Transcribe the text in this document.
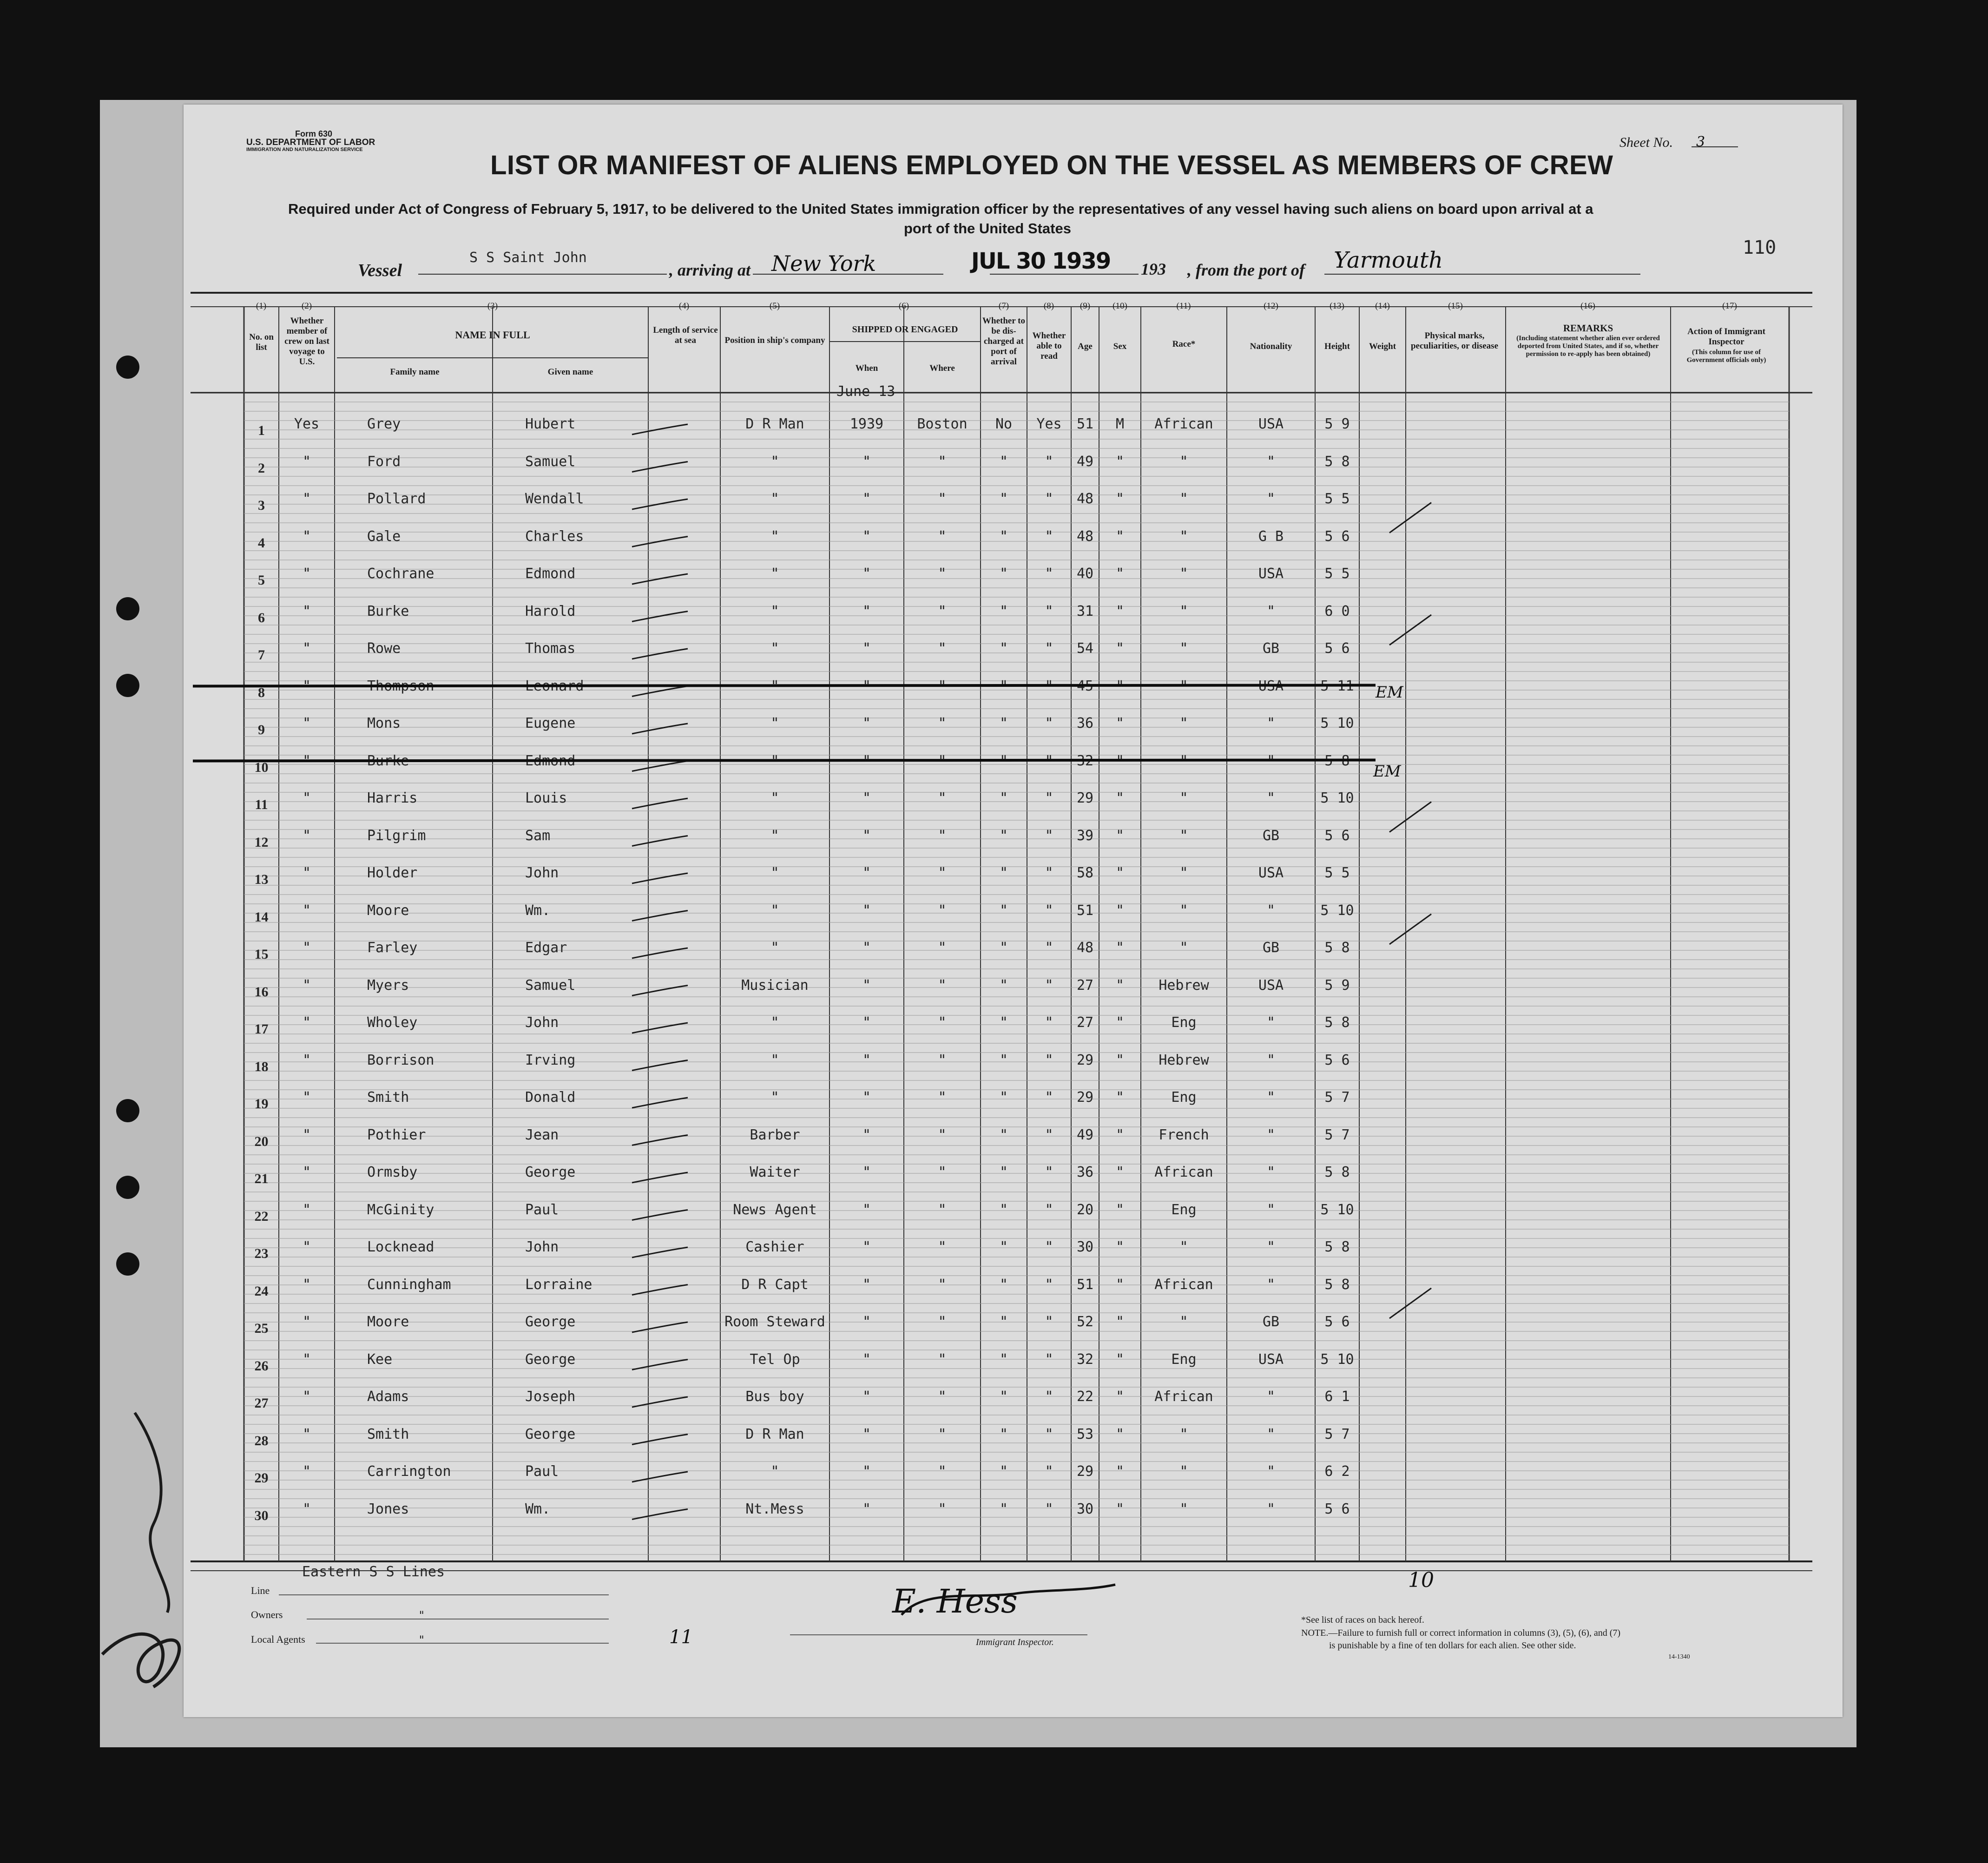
Form 630
U.S. DEPARTMENT OF LABOR
IMMIGRATION AND NATURALIZATION SERVICE	Sheet No. 3
LIST OR MANIFEST OF ALIENS EMPLOYED ON THE VESSEL AS MEMBERS OF CREW
Required under Act of Congress of February 5, 1917, to be delivered to the United States immigration officer by the representatives of any vessel having such aliens on board upon arrival at a
port of the United States
110
Vessel
S S Saint John
, arriving at New York	JUL 30 1939 193 , from the port of Yarmouth
(1)	(2)	(3)	(4)	(5)	(6)	(7)	(8)	(9)	(10)	(11)	(12)	(13)	(14)	(15)	(16)	(17)
No. on list
Whether member of crew on last voyage to U.S.
NAME IN FULL
Family name	Given name
Length of service at sea	Position in ship's company
SHIPPED OR ENGAGED
When	Where
Whether to be dis-charged at port of arrival
Whether able to read
Age	Sex	Race*	Nationality	Height	Weight
Physical marks, peculiarities, or disease
REMARKS
(Including statement whether alien ever ordered deported from United States, and if so, whether permission to re-apply has been obtained)
Action of Immigrant Inspector
(This column for use of Government officials only)
June 13
1	Yes	Grey	Hubert	D R Man	1939	Boston	No	Yes	51	M	African	USA	5 9
2	"	Ford	Samuel	"	"	"	"	"	49	"	"	"	5 8
3	"	Pollard	Wendall	"	"	"	"	"	48	"	"	"	5 5
4	"	Gale	Charles	"	"	"	"	"	48	"	"	G B	5 6
5	"	Cochrane	Edmond	"	"	"	"	"	40	"	"	USA	5 5
6	"	Burke	Harold	"	"	"	"	"	31	"	"	"	6 0
7	"	Rowe	Thomas	"	"	"	"	"	54	"	"	GB	5 6
8	"	Thompson	Leonard	"	"	"	"	"	45	"	"	USA	5 11
9	"	Mons	Eugene	"	"	"	"	"	36	"	"	"	5 10
10	"	Burke	Edmond	"	"	"	"	"	32	"	"	"	5 8
11	"	Harris	Louis	"	"	"	"	"	29	"	"	"	5 10
12	"	Pilgrim	Sam	"	"	"	"	"	39	"	"	GB	5 6
13	"	Holder	John	"	"	"	"	"	58	"	"	USA	5 5
14	"	Moore	Wm.	"	"	"	"	"	51	"	"	"	5 10
15	"	Farley	Edgar	"	"	"	"	"	48	"	"	GB	5 8
16	"	Myers	Samuel	Musician	"	"	"	"	27	"	Hebrew	USA	5 9
17	"	Wholey	John	"	"	"	"	"	27	"	Eng	"	5 8
18	"	Borrison	Irving	"	"	"	"	"	29	"	Hebrew	"	5 6
19	"	Smith	Donald	"	"	"	"	"	29	"	Eng	"	5 7
20	"	Pothier	Jean	Barber	"	"	"	"	49	"	French	"	5 7
21	"	Ormsby	George	Waiter	"	"	"	"	36	"	African	"	5 8
22	"	McGinity	Paul	News Agent	"	"	"	"	20	"	Eng	"	5 10
23	"	Locknead	John	Cashier	"	"	"	"	30	"	"	"	5 8
24	"	Cunningham	Lorraine	D R Capt	"	"	"	"	51	"	African	"	5 8
25	"	Moore	George	Room Steward	"	"	"	"	52	"	"	GB	5 6
26	"	Kee	George	Tel Op	"	"	"	"	32	"	Eng	USA	5 10
27	"	Adams	Joseph	Bus boy	"	"	"	"	22	"	African	"	6 1
28	"	Smith	George	D R Man	"	"	"	"	53	"	"	"	5 7
29	"	Carrington	Paul	"	"	"	"	"	29	"	"	"	6 2
30	"	Jones	Wm.	Nt.Mess	"	"	"	"	30	"	"	"	5 6
EM
EM
Eastern S S Lines
Line
Owners	"
Local Agents	"	11
E. Hess
Immigrant Inspector.
10
*See list of races on back hereof.
NOTE.—Failure to furnish full or correct information in columns (3), (5), (6), and (7)
is punishable by a fine of ten dollars for each alien. See other side.
14-1340
